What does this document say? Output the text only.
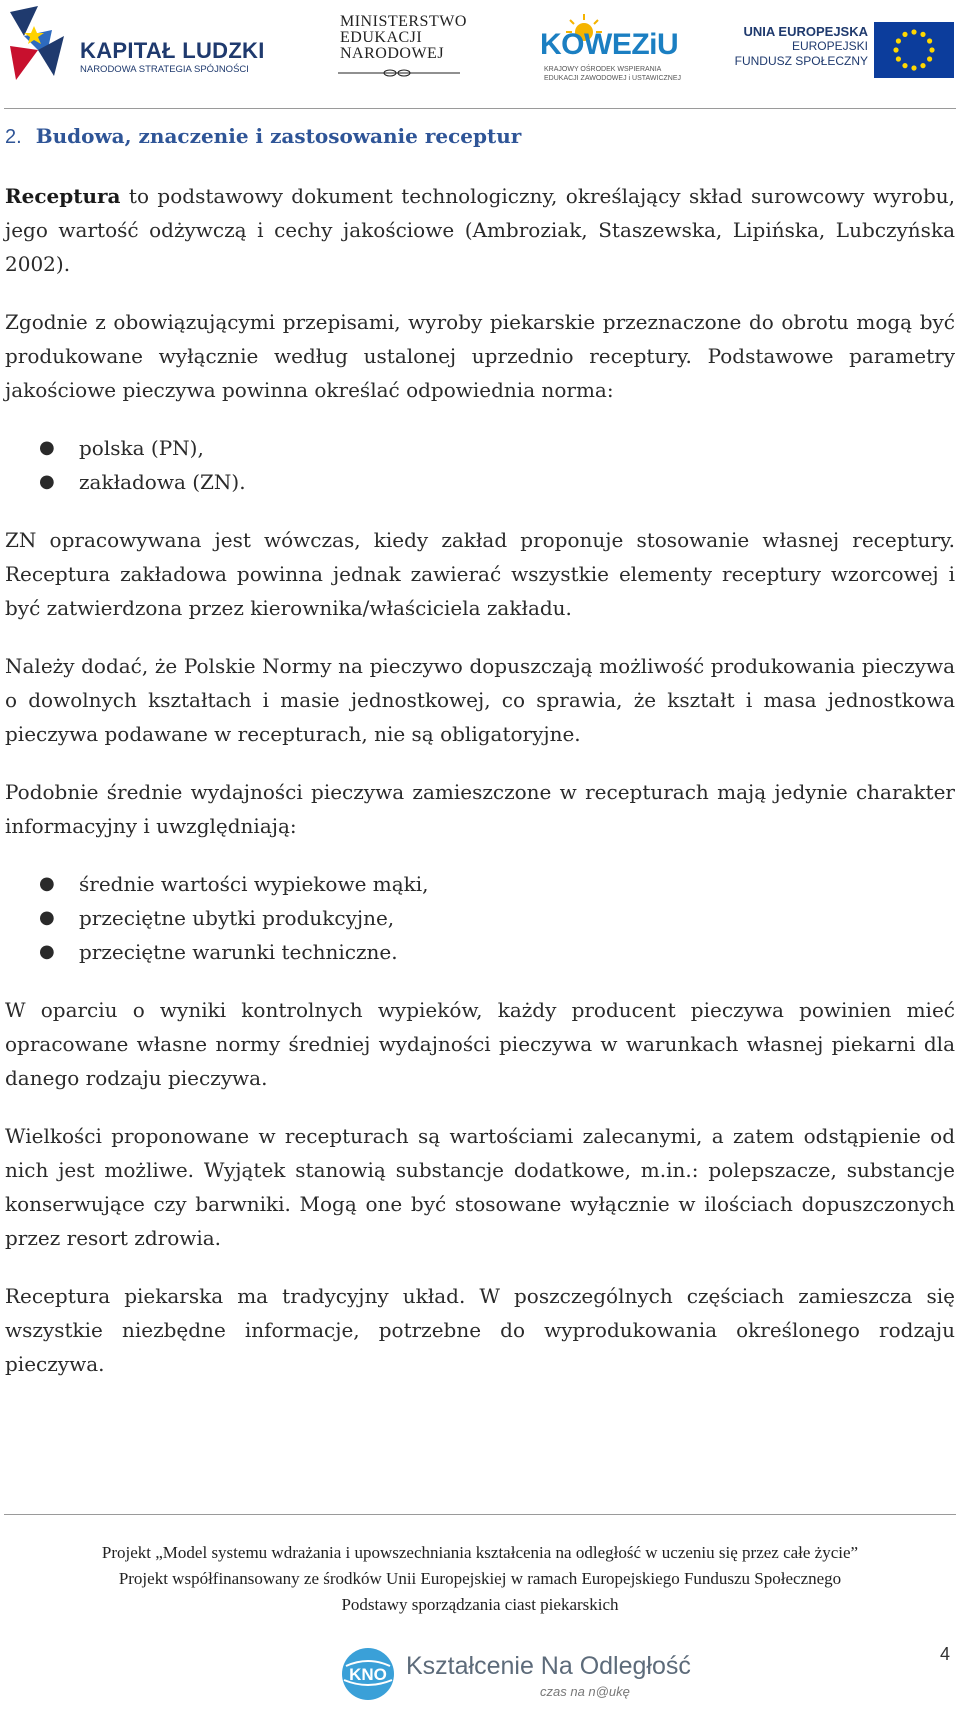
KAPITAŁ LUDZKI
NARODOWA STRATEGIA SPÓJNOŚCI
MINISTERSTWO
EDUKACJI
NARODOWEJ	KOWEZiU
KRAJOWY OŚRODEK WSPIERANIA
EDUKACJI ZAWODOWEJ i USTAWICZNEJ
UNIA EUROPEJSKA
EUROPEJSKI
FUNDUSZ SPOŁECZNY
2. Budowa, znaczenie i zastosowanie receptur

Receptura to podstawowy dokument technologiczny, określający skład surowcowy wyrobu, jego wartość odżywczą i cechy jakościowe (Ambroziak, Staszewska, Lipińska, Lubczyńska 2002).

Zgodnie z obowiązującymi przepisami, wyroby piekarskie przeznaczone do obrotu mogą być produkowane wyłącznie według ustalonej uprzednio receptury. Podstawowe parametry jakościowe pieczywa powinna określać odpowiednia norma:

● polska (PN),
● zakładowa (ZN).

ZN opracowywana jest wówczas, kiedy zakład proponuje stosowanie własnej receptury. Receptura zakładowa powinna jednak zawierać wszystkie elementy receptury wzorcowej i być zatwierdzona przez kierownika/właściciela zakładu.

Należy dodać, że Polskie Normy na pieczywo dopuszczają możliwość produkowania pieczywa o dowolnych kształtach i masie jednostkowej, co sprawia, że kształt i masa jednostkowa pieczywa podawane w recepturach, nie są obligatoryjne.

Podobnie średnie wydajności pieczywa zamieszczone w recepturach mają jedynie charakter informacyjny i uwzględniają:

● średnie wartości wypiekowe mąki,
● przeciętne ubytki produkcyjne,
● przeciętne warunki techniczne.

W oparciu o wyniki kontrolnych wypieków, każdy producent pieczywa powinien mieć opracowane własne normy średniej wydajności pieczywa w warunkach własnej piekarni dla danego rodzaju pieczywa.

Wielkości proponowane w recepturach są wartościami zalecanymi, a zatem odstąpienie od nich jest możliwe. Wyjątek stanowią substancje dodatkowe, m.in.: polepszacze, substancje konserwujące czy barwniki. Mogą one być stosowane wyłącznie w ilościach dopuszczonych przez resort zdrowia.

Receptura piekarska ma tradycyjny układ. W poszczególnych częściach zamieszcza się wszystkie niezbędne informacje, potrzebne do wyprodukowania określonego rodzaju pieczywa.

Projekt „Model systemu wdrażania i upowszechniania kształcenia na odległość w uczeniu się przez całe życie”
Projekt współfinansowany ze środków Unii Europejskiej w ramach Europejskiego Funduszu Społecznego
Podstawy sporządzania ciast piekarskich
4
KNO Kształcenie Na Odległość
czas na n@ukę
